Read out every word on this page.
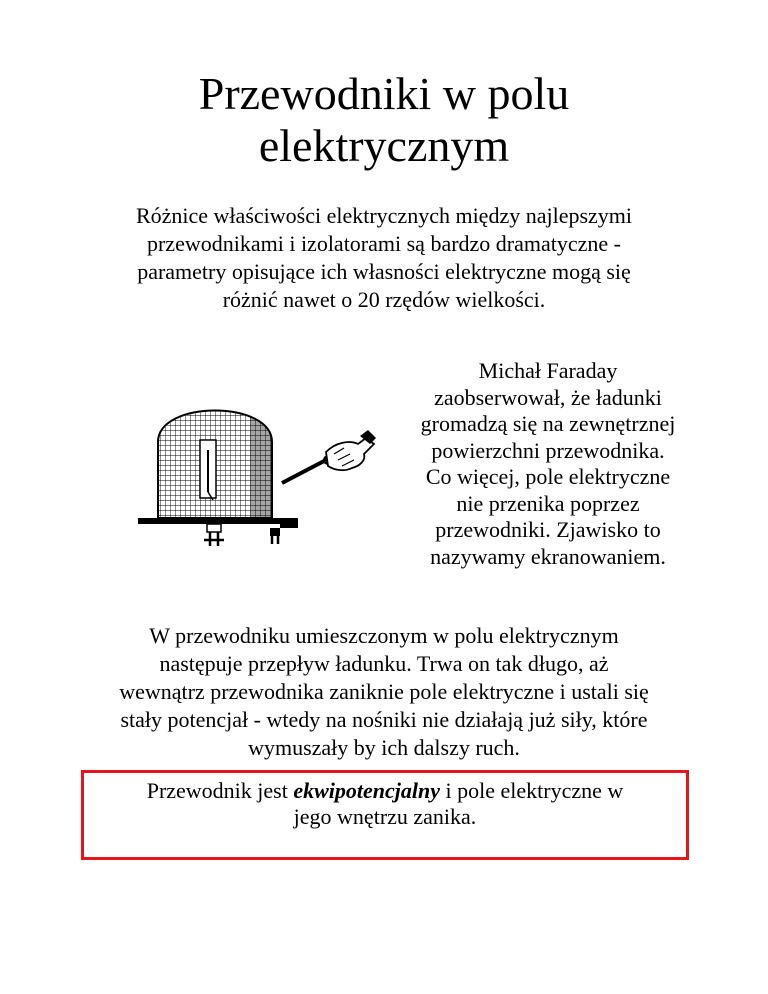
Przewodniki w polu
elektrycznym

Różnice właściwości elektrycznych między najlepszymi
przewodnikami i izolatorami są bardzo dramatyczne -
parametry opisujące ich własności elektryczne mogą się
różnić nawet o 20 rzędów wielkości.

Michał Faraday
zaobserwował, że ładunki
gromadzą się na zewnętrznej
powierzchni przewodnika.
Co więcej, pole elektryczne
nie przenika poprzez
przewodniki. Zjawisko to
nazywamy ekranowaniem.

W przewodniku umieszczonym w polu elektrycznym
następuje przepływ ładunku. Trwa on tak długo, aż
wewnątrz przewodnika zaniknie pole elektryczne i ustali się
stały potencjał - wtedy na nośniki nie działają już siły, które
wymuszały by ich dalszy ruch.

Przewodnik jest ekwipotencjalny i pole elektryczne w
jego wnętrzu zanika.
